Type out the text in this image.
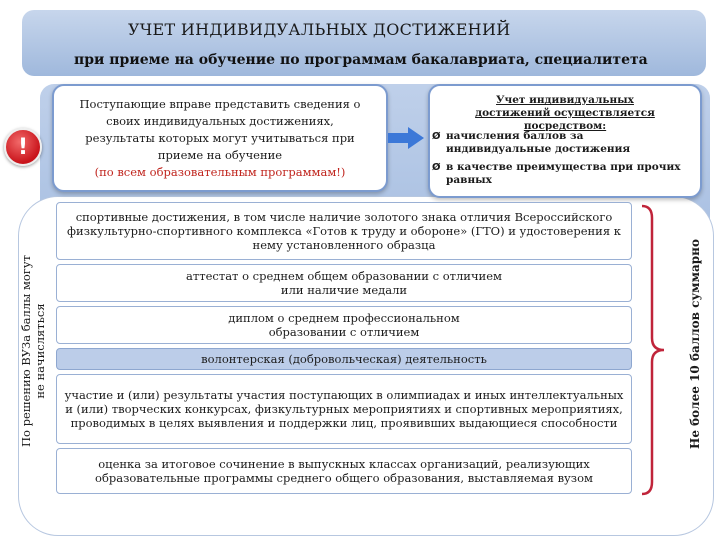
УЧЕТ ИНДИВИДУАЛЬНЫХ ДОСТИЖЕНИЙ
при приеме на обучение по программам бакалавриата, специалитета
!
Поступающие вправе представить сведения о своих индивидуальных достижениях, результаты которых могут учитываться при приеме на обучение
(по всем образовательным программам!)
Учет индивидуальных достижений осуществляется посредством:
Ø начисления баллов за индивидуальные достижения
Ø в качестве преимущества при прочих равных
По решению ВУЗа баллы могут не начисляться	Не более 10 баллов суммарно
спортивные достижения, в том числе наличие золотого знака отличия Всероссийского физкультурно-спортивного комплекса «Готов к труду и обороне» (ГТО) и удостоверения к нему установленного образца
аттестат о среднем общем образовании с отличием или наличие медали
диплом о среднем профессиональном образовании с отличием
волонтерская (добровольческая) деятельность
участие и (или) результаты участия поступающих в олимпиадах и иных интеллектуальных и (или) творческих конкурсах, физкультурных мероприятиях и спортивных мероприятиях, проводимых в целях выявления и поддержки лиц, проявивших выдающиеся способности
оценка за итоговое сочинение в выпускных классах организаций, реализующих образовательные программы среднего общего образования, выставляемая вузом
